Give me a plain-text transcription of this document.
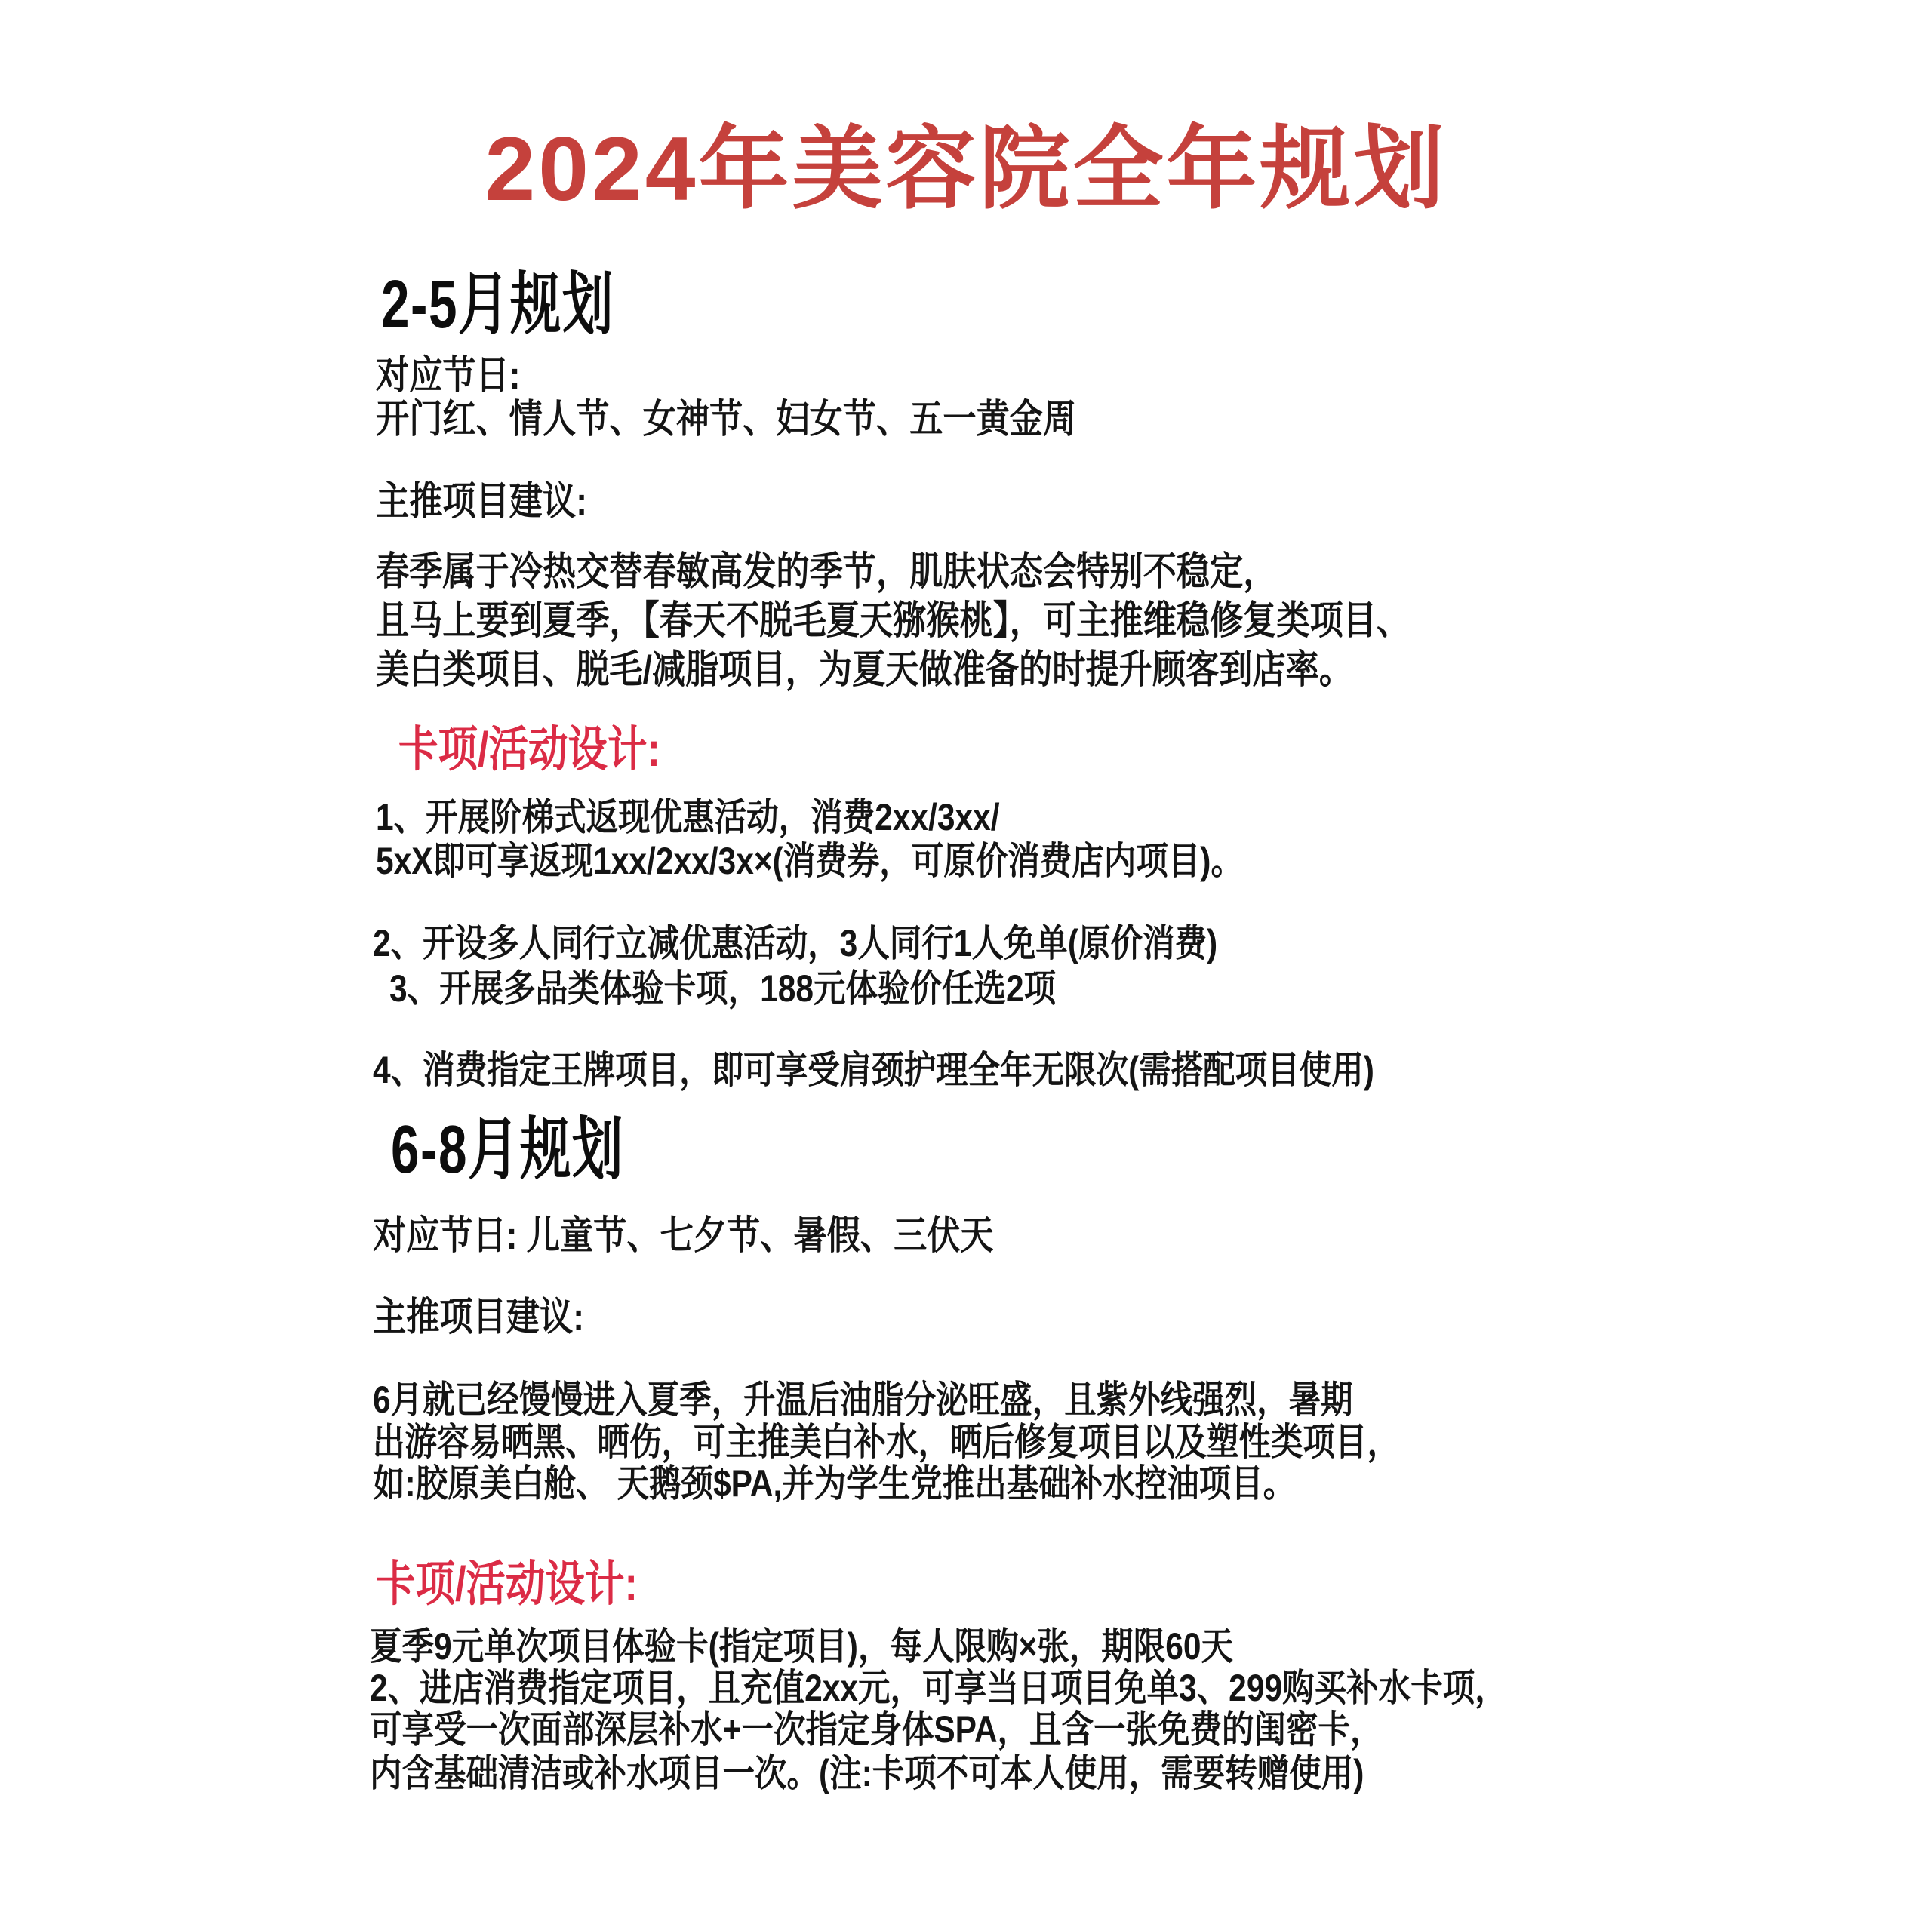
2024年美容院全年规划
2-5月规划
对应节日:
开门红、情人节、女神节、妇女节、五一黄金周
主推项目建议:
春季属于冷热交替春敏高发的季节，肌肤状态会特别不稳定，
且马上要到夏季，【春天不脱毛夏天猕猴桃】，可主推维稳修复类项目、
美白类项目、脱毛/减脂项目，为夏天做准备的时提升顾客到店率。
卡项/活动设计:
1、开展阶梯式返现优惠活动，消费2xx/3xx/
5xX即可享返现1xx/2xx/3x×(消费券，可原价消费店内项目)。
2、开设多人同行立减优惠活动，3人同行1人免单(原价消费)
3、开展多品类体验卡项，188元体验价任选2项
4、消费指定王牌项目，即可享受肩颈护理全年无限次(需搭配项目使用)
6-8月规划
对应节日: 儿童节、七夕节、暑假、三伏天
主推项目建议:
6月就已经馒慢进入夏季，升温后油脂分泌旺盛，且紫外线强烈，暑期
出游容易晒黑、晒伤，可主推美白补水，晒后修复项目以及塑性类项目，
如:胶原美白舱、 天鹅颈$PA,并为学生党推出基础补水控油项目。
卡项/活动设计:
夏季9元单次项目体验卡(指定项目)，每人限购×张，期限60天
2、进店消费指定项目，且充值2xx元，可享当日项目免单3、299购买补水卡项，
可享受一次面部深层补水+一次指定身体SPA，且含一张免费的闺密卡，
内含基础清洁或补水项目一次。(注:卡项不可本人使用，需要转赠使用)
